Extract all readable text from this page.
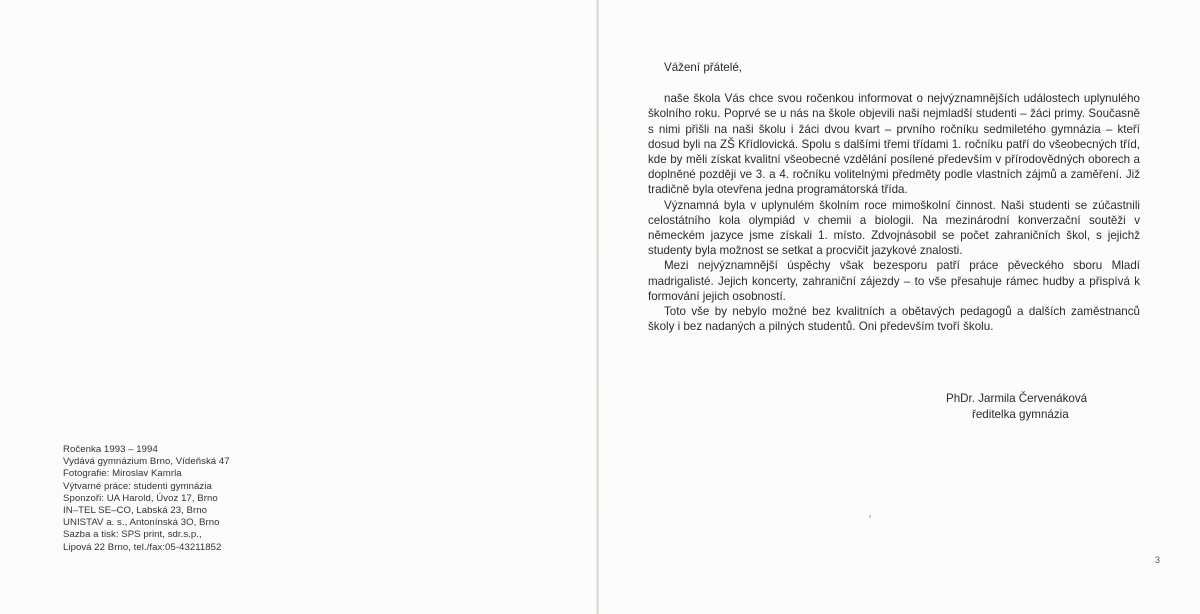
Ročenka 1993 – 1994
Vydává gymnázium Brno, Vídeňská 47
Fotografie: Miroslav Kamrla
Výtvarné práce: studenti gymnázia
Sponzoři: UA Harold, Úvoz 17, Brno
IN–TEL SE–CO, Labská 23, Brno
UNISTAV a. s., Antonínská 3O, Brno
Sazba a tisk: SPS print, sdr.s.p.,
Lipová 22 Brno, tel./fax:05-43211852

Vážení přátelé,

naše škola Vás chce svou ročenkou informovat o nejvýznamnějších událostech uplynulého školního roku. Poprvé se u nás na škole objevili naši nejmladší studenti – žáci primy. Současně s nimi přišli na naši školu i žáci dvou kvart – prvního ročníku sedmiletého gymnázia – kteří dosud byli na ZŠ Křídlovická. Spolu s dalšími třemi třídami 1. ročníku patří do všeobecných tříd, kde by měli získat kvalitní všeobecné vzdělání posílené především v přírodovědných oborech a doplněné později ve 3. a 4. ročníku volitelnými předměty podle vlastních zájmů a zaměření. Již tradičně byla otevřena jedna programátorská třída.

Významná byla v uplynulém školním roce mimoškolní činnost. Naši studenti se zúčastnili celostátního kola olympiád v chemii a biologii. Na mezinárodní konverzační soutěži v německém jazyce jsme získali 1. místo. Zdvojnásobil se počet zahraničních škol, s jejichž studenty byla možnost se setkat a procvičit jazykové znalosti.

Mezi nejvýznamnější úspěchy však bezesporu patří práce pěveckého sboru Mladí madrigalisté. Jejich koncerty, zahraniční zájezdy – to vše přesahuje rámec hudby a přispívá k formování jejich osobností.

Toto vše by nebylo možné bez kvalitních a obětavých pedagogů a dalších zaměstnanců školy i bez nadaných a pilných studentů. Oni především tvoří školu.

PhDr. Jarmila Červenáková
ředitelka gymnázia
3
